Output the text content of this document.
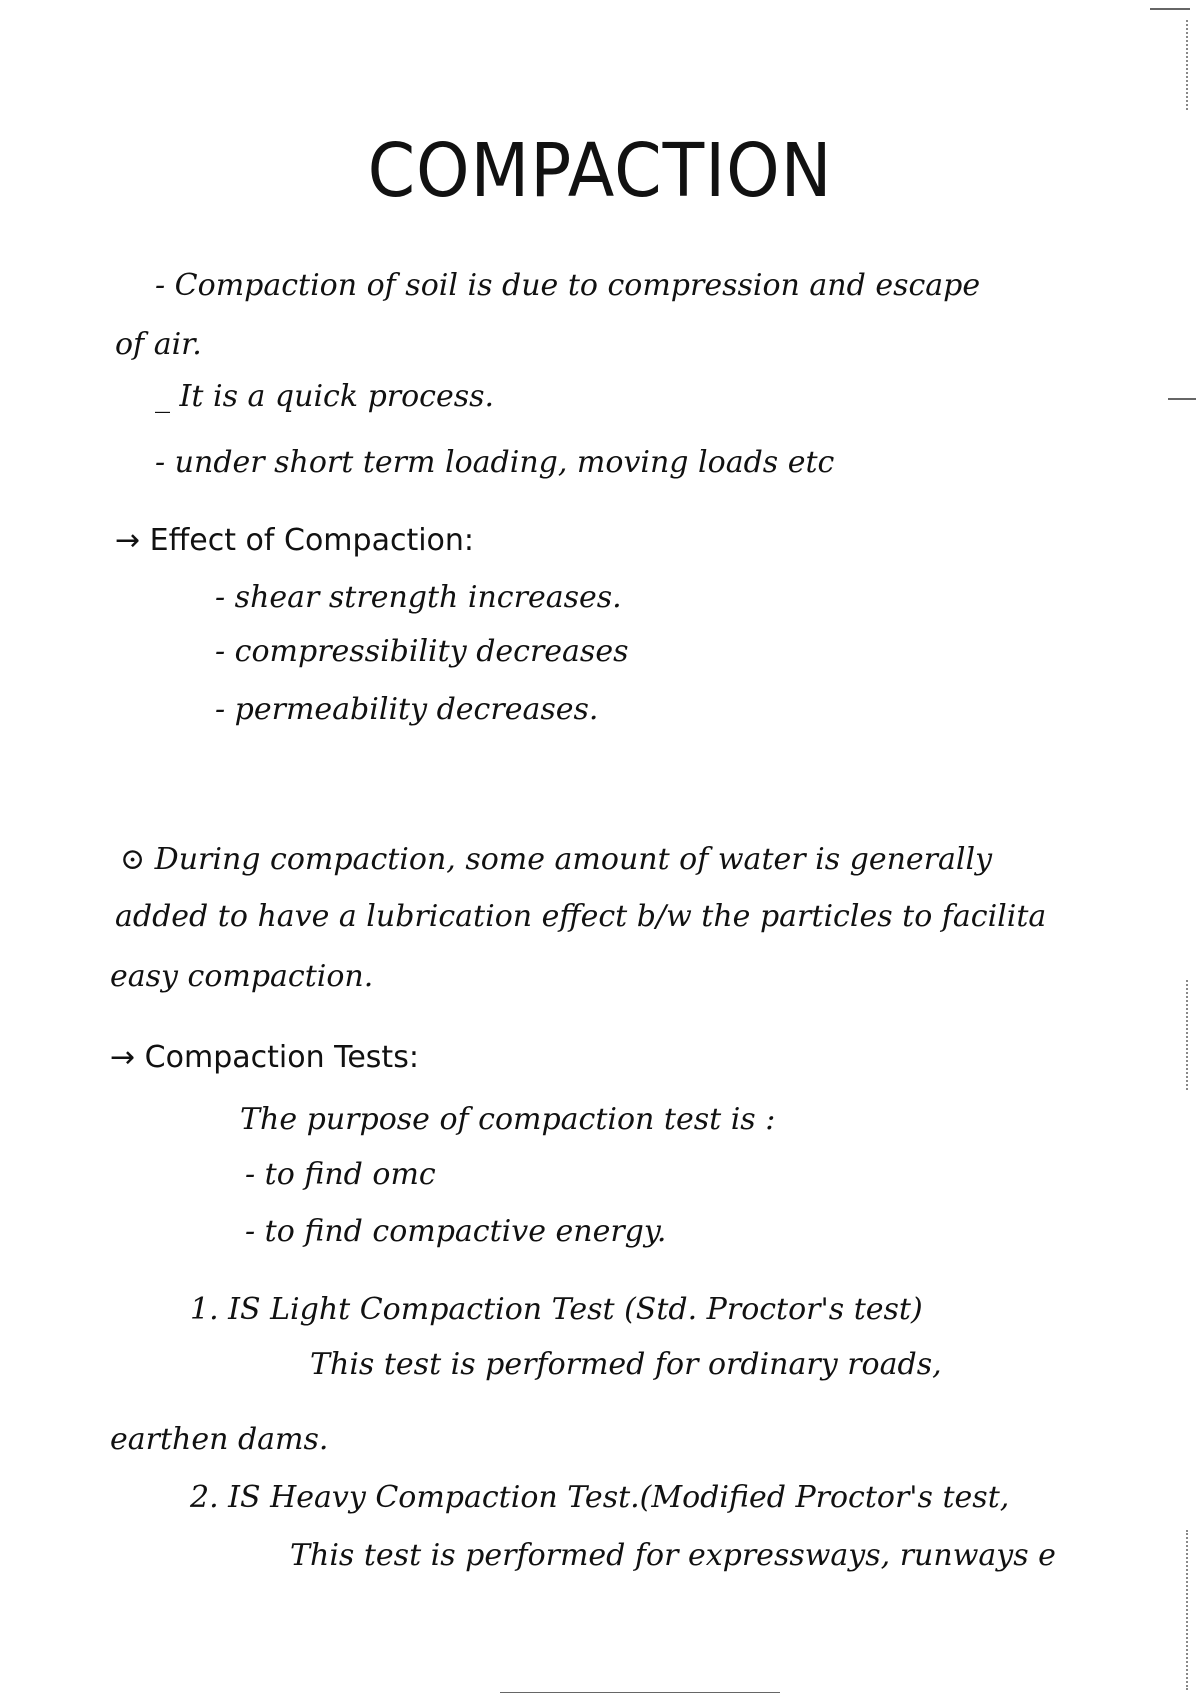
COMPACTION
- Compaction of soil is due to compression and escape
of air.
_ It is a quick process.
- under short term loading, moving loads etc
→ Effect of Compaction:
- shear strength increases.
- compressibility decreases
- permeability decreases.
⊙ During compaction, some amount of water is generally
added to have a lubrication effect b/w the particles to facilita
easy compaction.
→ Compaction Tests:
The purpose of compaction test is :
- to find omc
- to find compactive energy.
1. IS Light Compaction Test (Std. Proctor's test)
This test is performed for ordinary roads,
earthen dams.
2. IS Heavy Compaction Test.(Modified Proctor's test,
This test is performed for expressways, runways e
